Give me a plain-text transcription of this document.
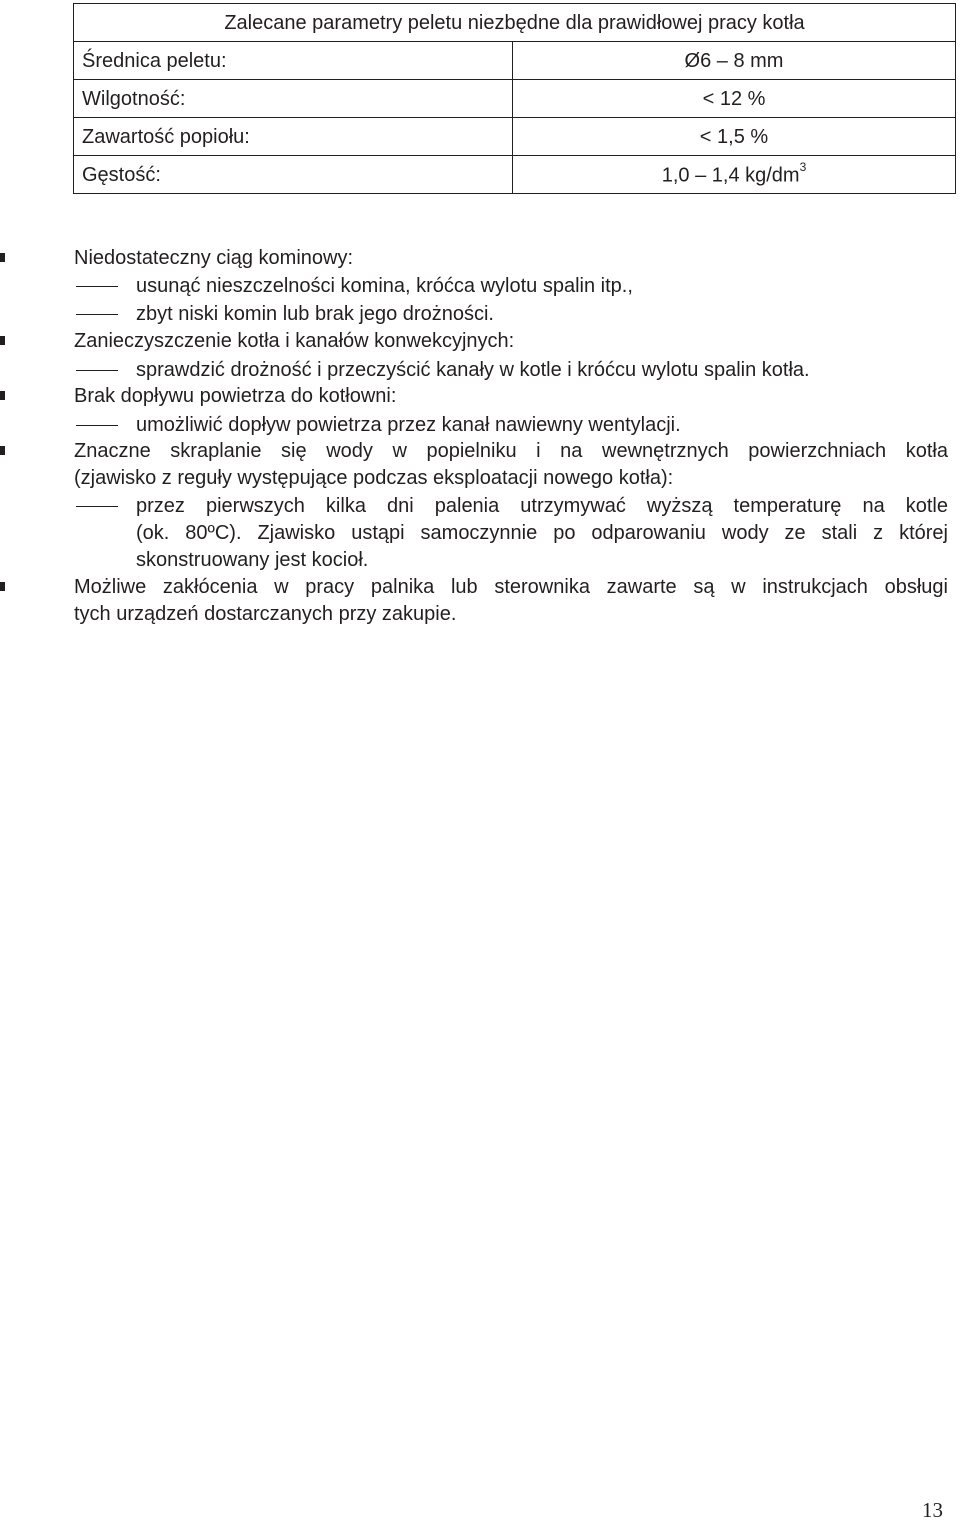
Zalecane parametry peletu niezbędne dla prawidłowej pracy kotła	
Średnica peletu:	Ø6 – 8 mm
Wilgotność:	< 12 %
Zawartość popiołu:	< 1,5 %
Gęstość:	1,0 – 1,4 $kg/dm^3$
Niedostateczny ciąg kominowy:
usunąć nieszczelności komina, króćca wylotu spalin itp.,
zbyt niski komin lub brak jego drożności.
Zanieczyszczenie kotła i kanałów konwekcyjnych:
sprawdzić drożność i przeczyścić kanały w kotle i króćcu wylotu spalin kotła.
Brak dopływu powietrza do kotłowni:
umożliwić dopływ powietrza przez kanał nawiewny wentylacji.
Znaczne skraplanie się wody w popielniku i na wewnętrznych powierzchniach kotła
(zjawisko z reguły występujące podczas eksploatacji nowego kotła):
przez pierwszych kilka dni palenia utrzymywać wyższą temperaturę na kotle
(ok. 80ºC). Zjawisko ustąpi samoczynnie po odparowaniu wody ze stali z której
skonstruowany jest kocioł.
Możliwe zakłócenia w pracy palnika lub sterownika zawarte są w instrukcjach obsługi
tych urządzeń dostarczanych przy zakupie.
13
